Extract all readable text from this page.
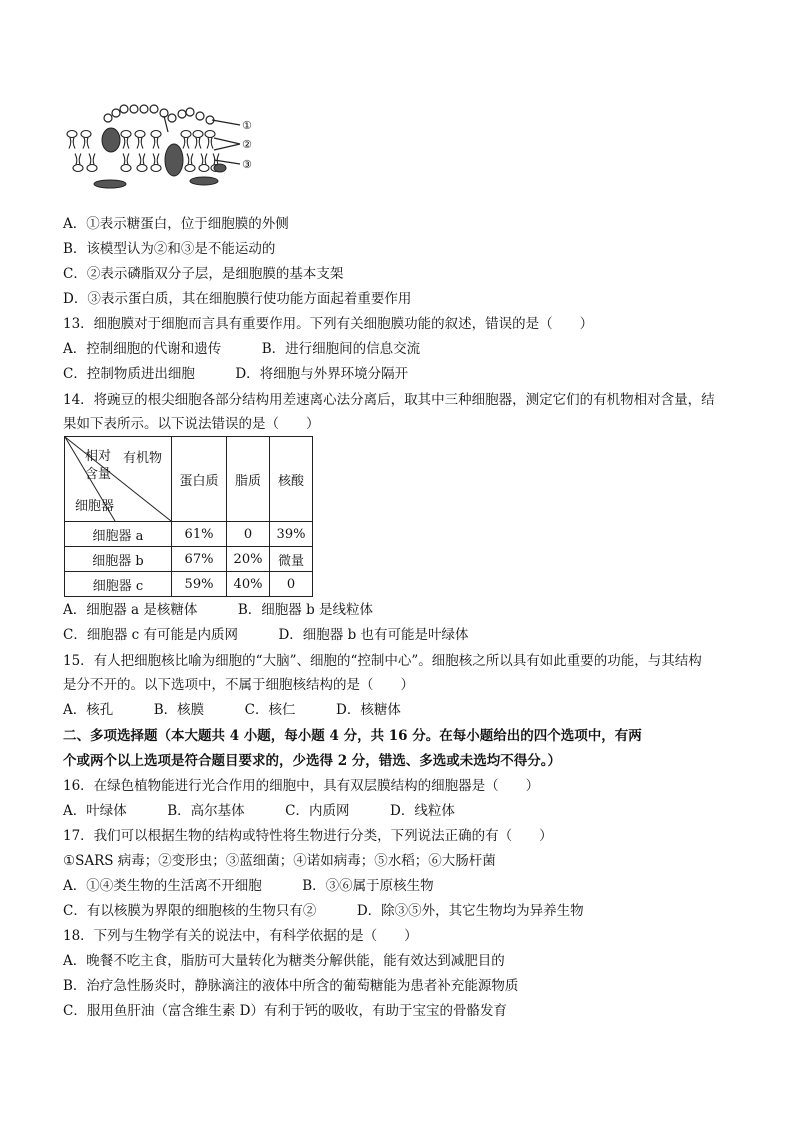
①
②
③
A．①表示糖蛋白，位于细胞膜的外侧
B．该模型认为②和③是不能运动的
C．②表示磷脂双分子层，是细胞膜的基本支架
D．③表示蛋白质，其在细胞膜行使功能方面起着重要作用
13．细胞膜对于细胞而言具有重要作用。下列有关细胞膜功能的叙述，错误的是（　　）
A．控制细胞的代谢和遗传　　　B．进行细胞间的信息交流
C．控制物质进出细胞　　　D．将细胞与外界环境分隔开
14．将豌豆的根尖细胞各部分结构用差速离心法分离后，取其中三种细胞器，测定它们的有机物相对含量，结
果如下表所示。以下说法错误的是（　　）
有机物
相对
含量
细胞器	蛋白质	脂质	核酸
细胞器 a	61%	0	39%
细胞器 b	67%	20%	微量
细胞器 c	59%	40%	0
A．细胞器 a 是核糖体　　　B．细胞器 b 是线粒体
C．细胞器 c 有可能是内质网　　　D．细胞器 b 也有可能是叶绿体
15．有人把细胞核比喻为细胞的“大脑”、细胞的“控制中心”。细胞核之所以具有如此重要的功能，与其结构
是分不开的。以下选项中，不属于细胞核结构的是（　　）
A．核孔　　　B．核膜　　　C．核仁　　　D．核糖体
二、多项选择题（本大题共 4 小题，每小题 4 分，共 16 分。在每小题给出的四个选项中，有两
个或两个以上选项是符合题目要求的，少选得 2 分，错选、多选或未选均不得分。）
16．在绿色植物能进行光合作用的细胞中，具有双层膜结构的细胞器是（　　）
A．叶绿体　　　B．高尔基体　　　C．内质网　　　D．线粒体
17．我们可以根据生物的结构或特性将生物进行分类，下列说法正确的有（　　）
①SARS 病毒；②变形虫；③蓝细菌；④诺如病毒；⑤水稻；⑥大肠杆菌
A．①④类生物的生活离不开细胞　　　B．③⑥属于原核生物
C．有以核膜为界限的细胞核的生物只有②　　　D．除③⑤外，其它生物均为异养生物
18．下列与生物学有关的说法中，有科学依据的是（　　）
A．晚餐不吃主食，脂肪可大量转化为糖类分解供能，能有效达到减肥目的
B．治疗急性肠炎时，静脉滴注的液体中所含的葡萄糖能为患者补充能源物质
C．服用鱼肝油（富含维生素 D）有利于钙的吸收，有助于宝宝的骨骼发育
